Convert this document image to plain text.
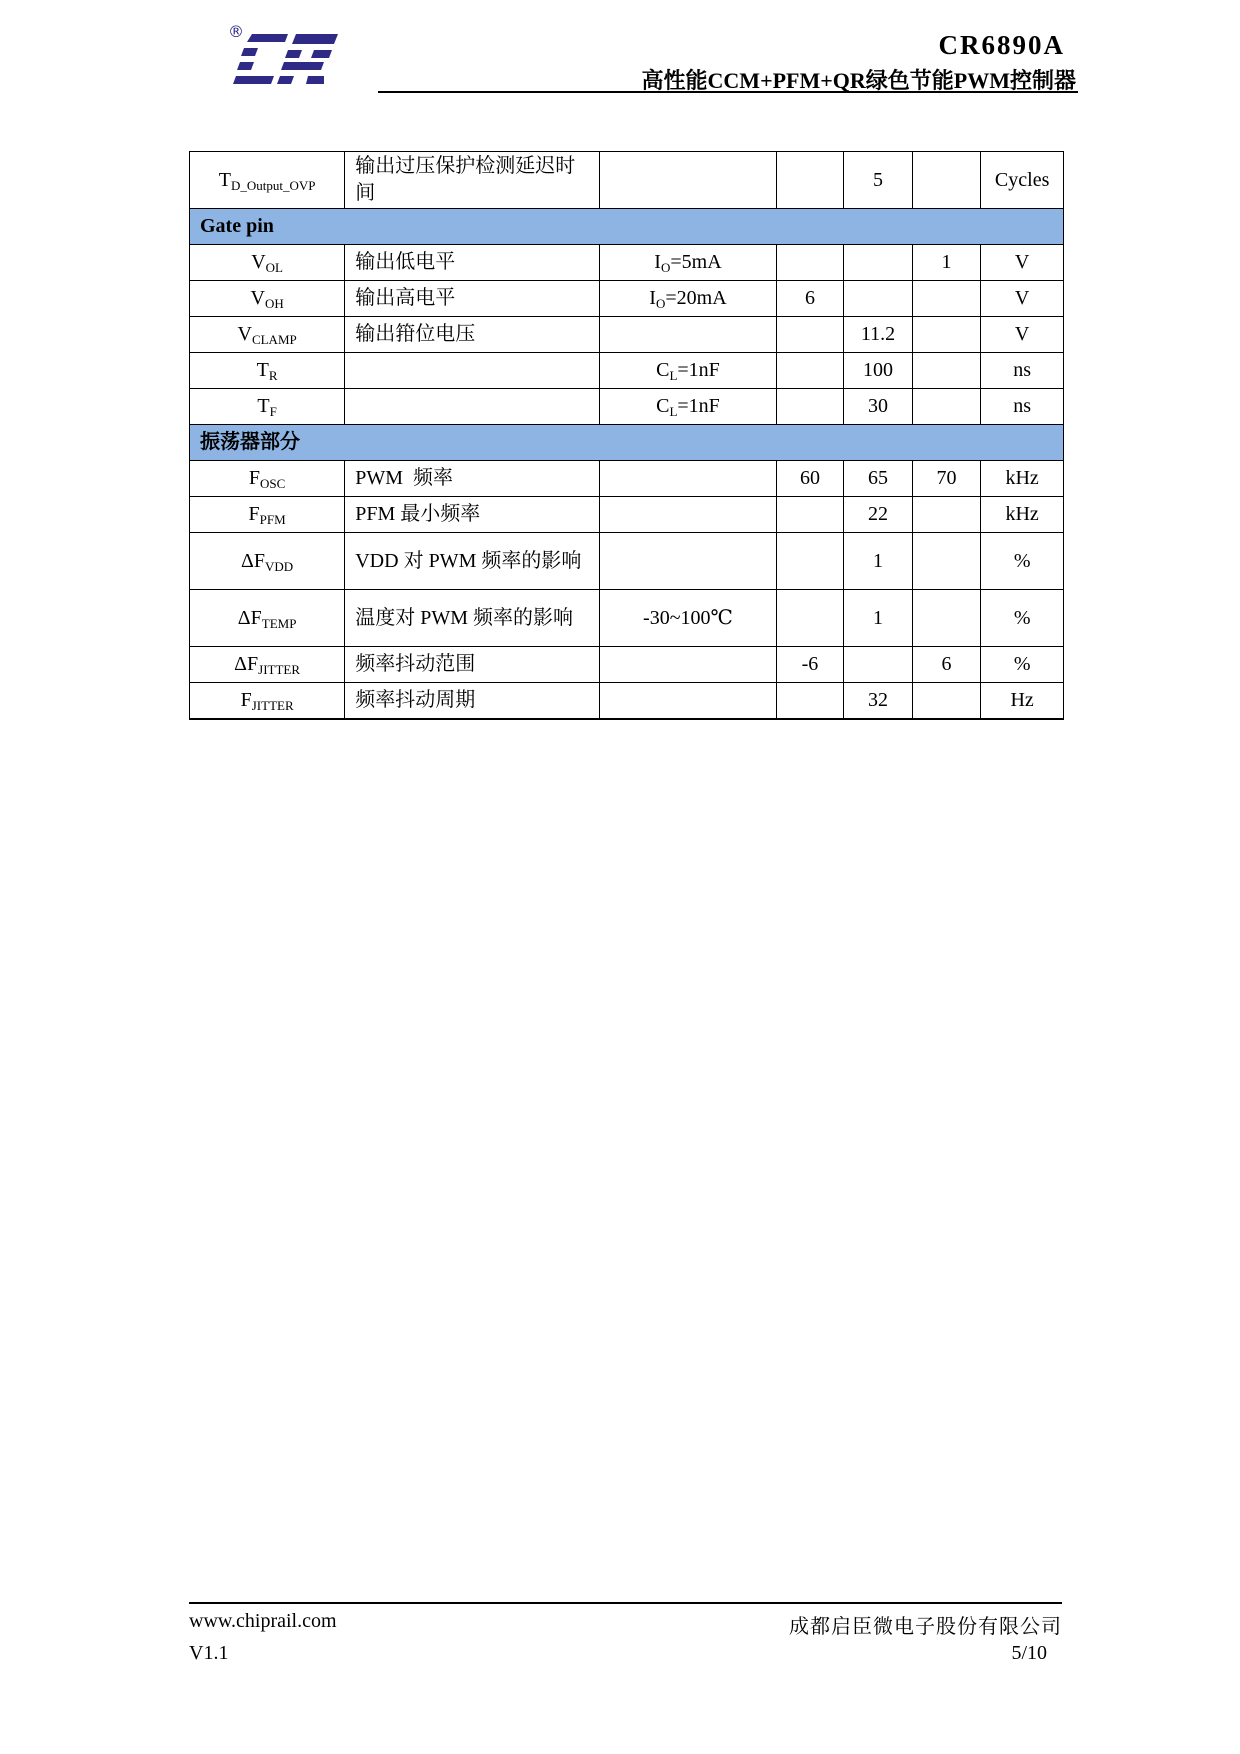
®	CR6890A
高性能CCM+PFM+QR绿色节能PWM控制器
$T_{D\_Output\_OVP}$	输出过压保护检测延迟时间			5		Cycles
Gate pin						
$V_{OL}$	输出低电平	$I_O=5mA$			1	V
$V_{OH}$	输出高电平	$I_O=20mA$	6			V
$V_{CLAMP}$	输出箝位电压			11.2		V
$T_R$		$C_L=1nF$		100		ns
$T_F$		$C_L=1nF$		30		ns
振荡器部分						
$F_{OSC}$	PWM  频率		60	65	70	kHz
$F_{PFM}$	PFM 最小频率			22		kHz
$\Delta F_{VDD}$	VDD 对 PWM 频率的影响			1		%
$\Delta F_{TEMP}$	温度对 PWM 频率的影响	-30~100℃		1		%
$\Delta F_{JITTER}$	频率抖动范围		-6		6	%
$F_{JITTER}$	频率抖动周期			32		Hz
www.chiprail.com
V1.1
成都启臣微电子股份有限公司
5/10
